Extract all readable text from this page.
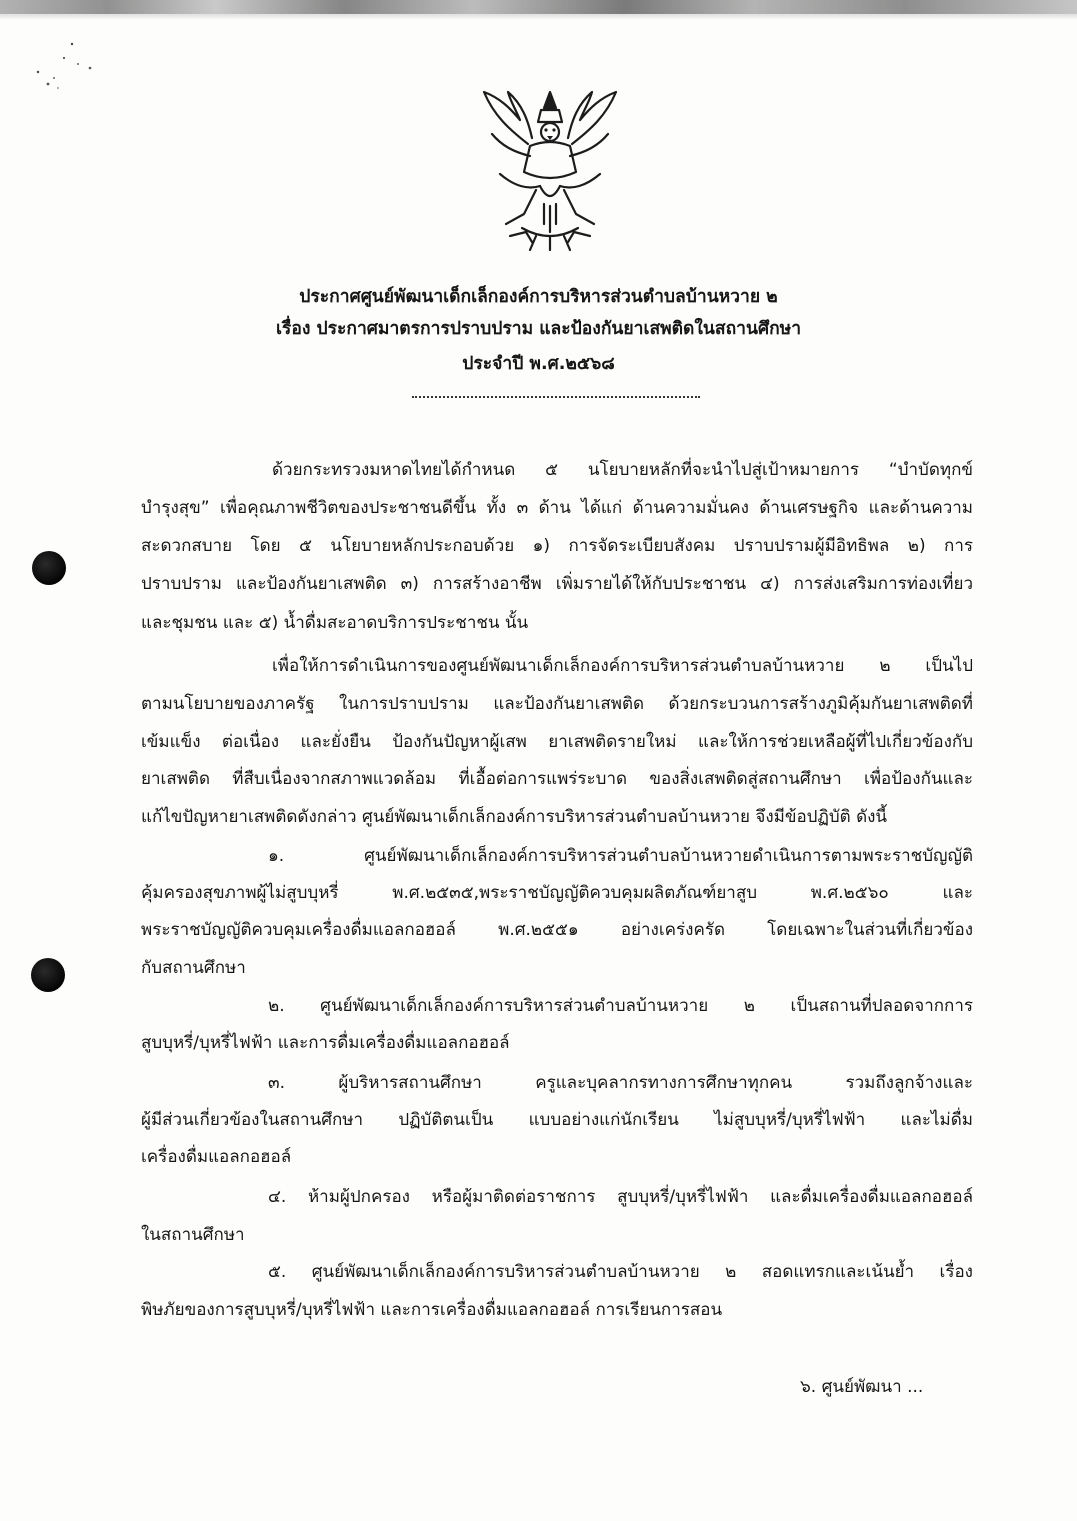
ประกาศศูนย์พัฒนาเด็กเล็กองค์การบริหารส่วนตำบลบ้านหวาย ๒
เรื่อง ประกาศมาตรการปราบปราม และป้องกันยาเสพติดในสถานศึกษา
ประจำปี พ.ศ.๒๕๖๘
ด้วยกระทรวงมหาดไทยได้กำหนด ๕ นโยบายหลักที่จะนำไปสู่เป้าหมายการ “บำบัดทุกข์
บำรุงสุข” เพื่อคุณภาพชีวิตของประชาชนดีขึ้น ทั้ง ๓ ด้าน ได้แก่ ด้านความมั่นคง ด้านเศรษฐกิจ และด้านความ
สะดวกสบาย โดย ๕ นโยบายหลักประกอบด้วย ๑) การจัดระเบียบสังคม ปราบปรามผู้มีอิทธิพล ๒) การ
ปราบปราม และป้องกันยาเสพติด ๓) การสร้างอาชีพ เพิ่มรายได้ให้กับประชาชน ๔) การส่งเสริมการท่องเที่ยว
และชุมชน และ ๕) น้ำดื่มสะอาดบริการประชาชน นั้น
เพื่อให้การดำเนินการของศูนย์พัฒนาเด็กเล็กองค์การบริหารส่วนตำบลบ้านหวาย ๒ เป็นไป
ตามนโยบายของภาครัฐ ในการปราบปราม และป้องกันยาเสพติด ด้วยกระบวนการสร้างภูมิคุ้มกันยาเสพติดที่
เข้มแข็ง ต่อเนื่อง และยั่งยืน ป้องกันปัญหาผู้เสพ ยาเสพติดรายใหม่ และให้การช่วยเหลือผู้ที่ไปเกี่ยวข้องกับ
ยาเสพติด ที่สืบเนื่องจากสภาพแวดล้อม ที่เอื้อต่อการแพร่ระบาด ของสิ่งเสพติดสู่สถานศึกษา เพื่อป้องกันและ
แก้ไขปัญหายาเสพติดดังกล่าว ศูนย์พัฒนาเด็กเล็กองค์การบริหารส่วนตำบลบ้านหวาย จึงมีข้อปฏิบัติ ดังนี้
๑. ศูนย์พัฒนาเด็กเล็กองค์การบริหารส่วนตำบลบ้านหวายดำเนินการตามพระราชบัญญัติ
คุ้มครองสุขภาพผู้ไม่สูบบุหรี่ พ.ศ.๒๕๓๕,พระราชบัญญัติควบคุมผลิตภัณฑ์ยาสูบ พ.ศ.๒๕๖๐ และ
พระราชบัญญัติควบคุมเครื่องดื่มแอลกอฮอล์ พ.ศ.๒๕๕๑ อย่างเคร่งครัด โดยเฉพาะในส่วนที่เกี่ยวข้อง
กับสถานศึกษา
๒. ศูนย์พัฒนาเด็กเล็กองค์การบริหารส่วนตำบลบ้านหวาย ๒ เป็นสถานที่ปลอดจากการ
สูบบุหรี่/บุหรี่ไฟฟ้า และการดื่มเครื่องดื่มแอลกอฮอล์
๓. ผู้บริหารสถานศึกษา ครูและบุคลากรทางการศึกษาทุกคน รวมถึงลูกจ้างและ
ผู้มีส่วนเกี่ยวข้องในสถานศึกษา ปฏิบัติตนเป็น แบบอย่างแก่นักเรียน ไม่สูบบุหรี่/บุหรี่ไฟฟ้า และไม่ดื่ม
เครื่องดื่มแอลกอฮอล์
๔. ห้ามผู้ปกครอง หรือผู้มาติดต่อราชการ สูบบุหรี่/บุหรี่ไฟฟ้า และดื่มเครื่องดื่มแอลกอฮอล์
ในสถานศึกษา
๕. ศูนย์พัฒนาเด็กเล็กองค์การบริหารส่วนตำบลบ้านหวาย ๒ สอดแทรกและเน้นย้ำ เรื่อง
พิษภัยของการสูบบุหรี่/บุหรี่ไฟฟ้า และการเครื่องดื่มแอลกอฮอล์ การเรียนการสอน
๖. ศูนย์พัฒนา ...
